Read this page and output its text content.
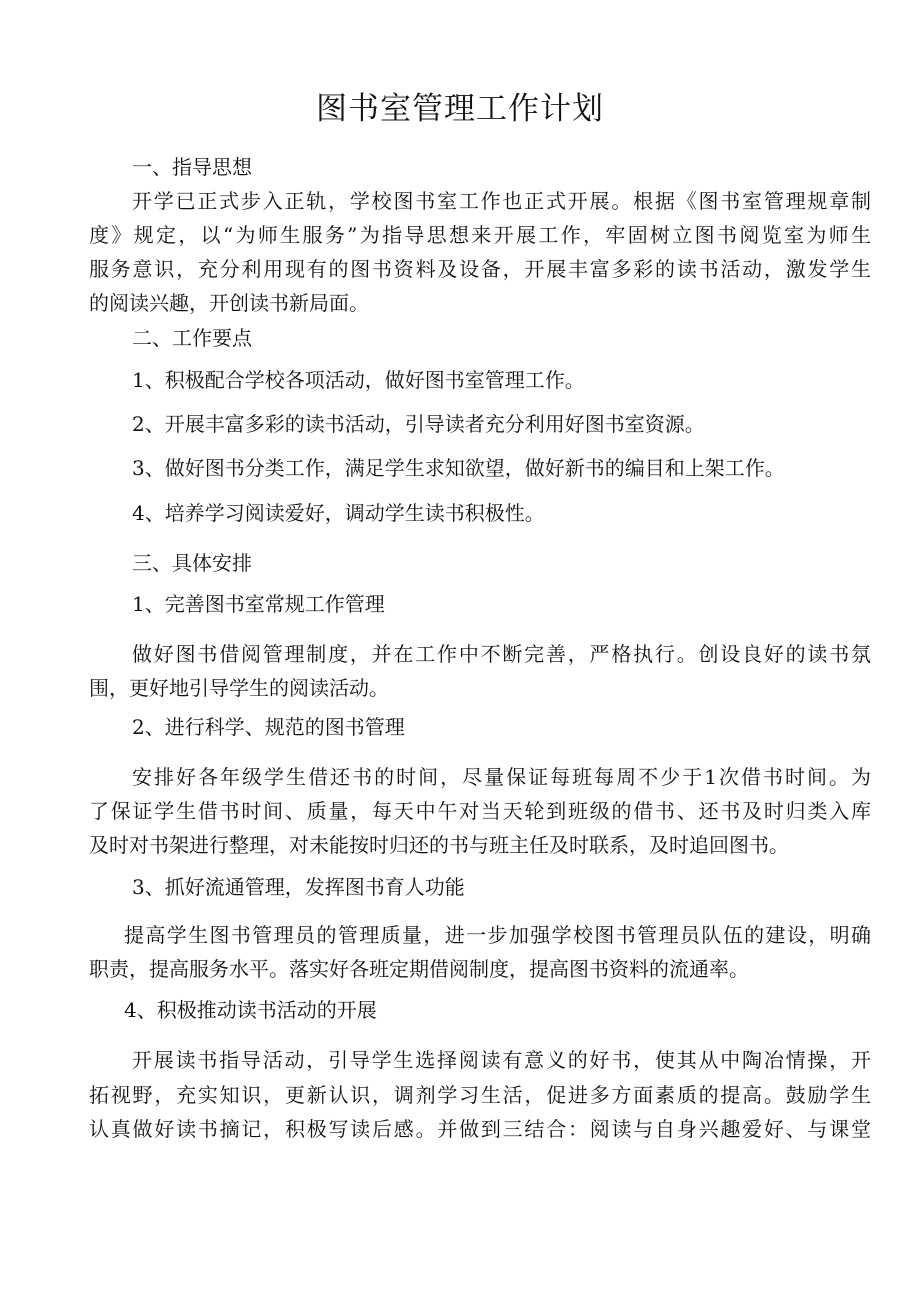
图书室管理工作计划
一、指导思想
开学已正式步入正轨，学校图书室工作也正式开展。根据《图书室管理规章制
度》规定，以“为师生服务”为指导思想来开展工作，牢固树立图书阅览室为师生
服务意识，充分利用现有的图书资料及设备，开展丰富多彩的读书活动，激发学生
的阅读兴趣，开创读书新局面。
二、工作要点
1、积极配合学校各项活动，做好图书室管理工作。
2、开展丰富多彩的读书活动，引导读者充分利用好图书室资源。
3、做好图书分类工作，满足学生求知欲望，做好新书的编目和上架工作。
4、培养学习阅读爱好，调动学生读书积极性。
三、具体安排
1、完善图书室常规工作管理
做好图书借阅管理制度，并在工作中不断完善，严格执行。创设良好的读书氛
围，更好地引导学生的阅读活动。
2、进行科学、规范的图书管理
安排好各年级学生借还书的时间，尽量保证每班每周不少于1次借书时间。为
了保证学生借书时间、质量，每天中午对当天轮到班级的借书、还书及时归类入库
及时对书架进行整理，对未能按时归还的书与班主任及时联系，及时追回图书。
3、抓好流通管理，发挥图书育人功能
提高学生图书管理员的管理质量，进一步加强学校图书管理员队伍的建设，明确
职责，提高服务水平。落实好各班定期借阅制度，提高图书资料的流通率。
4、积极推动读书活动的开展
开展读书指导活动，引导学生选择阅读有意义的好书，使其从中陶冶情操，开
拓视野，充实知识，更新认识，调剂学习生活，促进多方面素质的提高。鼓励学生
认真做好读书摘记，积极写读后感。并做到三结合：阅读与自身兴趣爱好、与课堂
